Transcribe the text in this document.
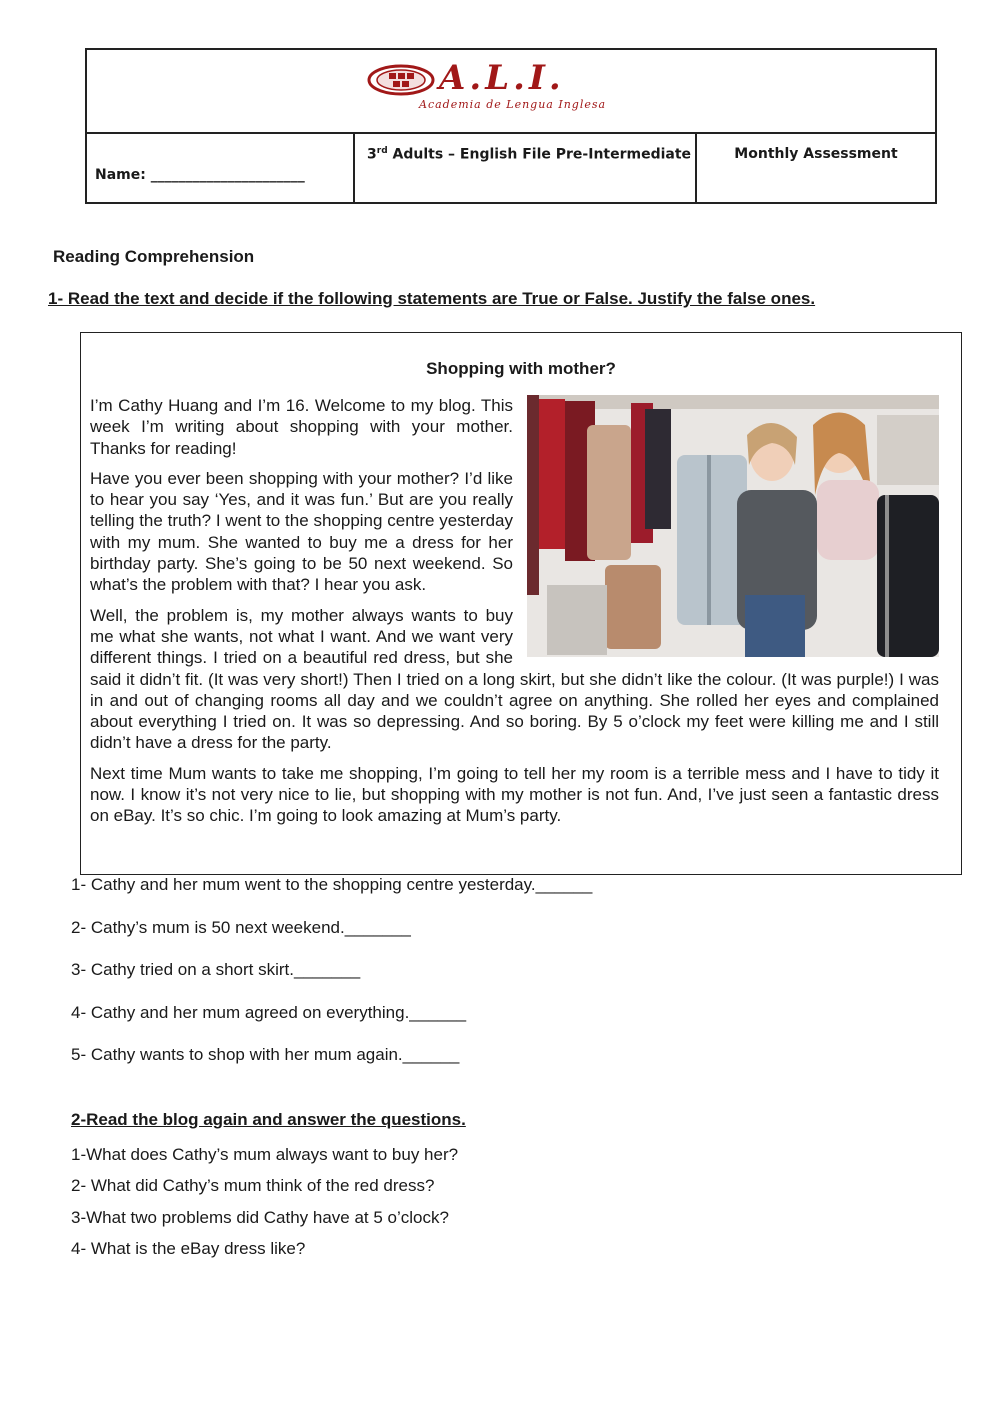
A.L.I.
Academia de Lengua Inglesa
Name: ______________________
3rd Adults – English File Pre-Intermediate	Monthly Assessment
Reading Comprehension
1- Read the text and decide if the following statements are True or False. Justify the false ones.
Shopping with mother?

I’m Cathy Huang and I’m 16. Welcome to my blog. This week I’m writing about shopping with your mother. Thanks for reading!

Have you ever been shopping with your mother? I’d like to hear you say ‘Yes, and it was fun.’ But are you really telling the truth? I went to the shopping centre yesterday with my mum. She wanted to buy me a dress for her birthday party. She’s going to be 50 next weekend. So what’s the problem with that? I hear you ask.

Well, the problem is, my mother always wants to buy me what she wants, not what I want. And we want very different things. I tried on a beautiful red dress, but she said it didn’t fit. (It was very short!) Then I tried on a long skirt, but she didn’t like the colour. (It was purple!) I was in and out of changing rooms all day and we couldn’t agree on anything. She rolled her eyes and complained about everything I tried on. It was so depressing. And so boring. By 5 o’clock my feet were killing me and I still didn’t have a dress for the party.

Next time Mum wants to take me shopping, I’m going to tell her my room is a terrible mess and I have to tidy it now. I know it’s not very nice to lie, but shopping with my mother is not fun. And, I’ve just seen a fantastic dress on eBay. It’s so chic. I’m going to look amazing at Mum’s party.

1- Cathy and her mum went to the shopping centre yesterday.______
2- Cathy’s mum is 50 next weekend._______
3- Cathy tried on a short skirt._______
4- Cathy and her mum agreed on everything.______
5- Cathy wants to shop with her mum again.______
2-Read the blog again and answer the questions.
1-What does Cathy’s mum always want to buy her?
2- What did Cathy’s mum think of the red dress?
3-What two problems did Cathy have at 5 o’clock?
4- What is the eBay dress like?
